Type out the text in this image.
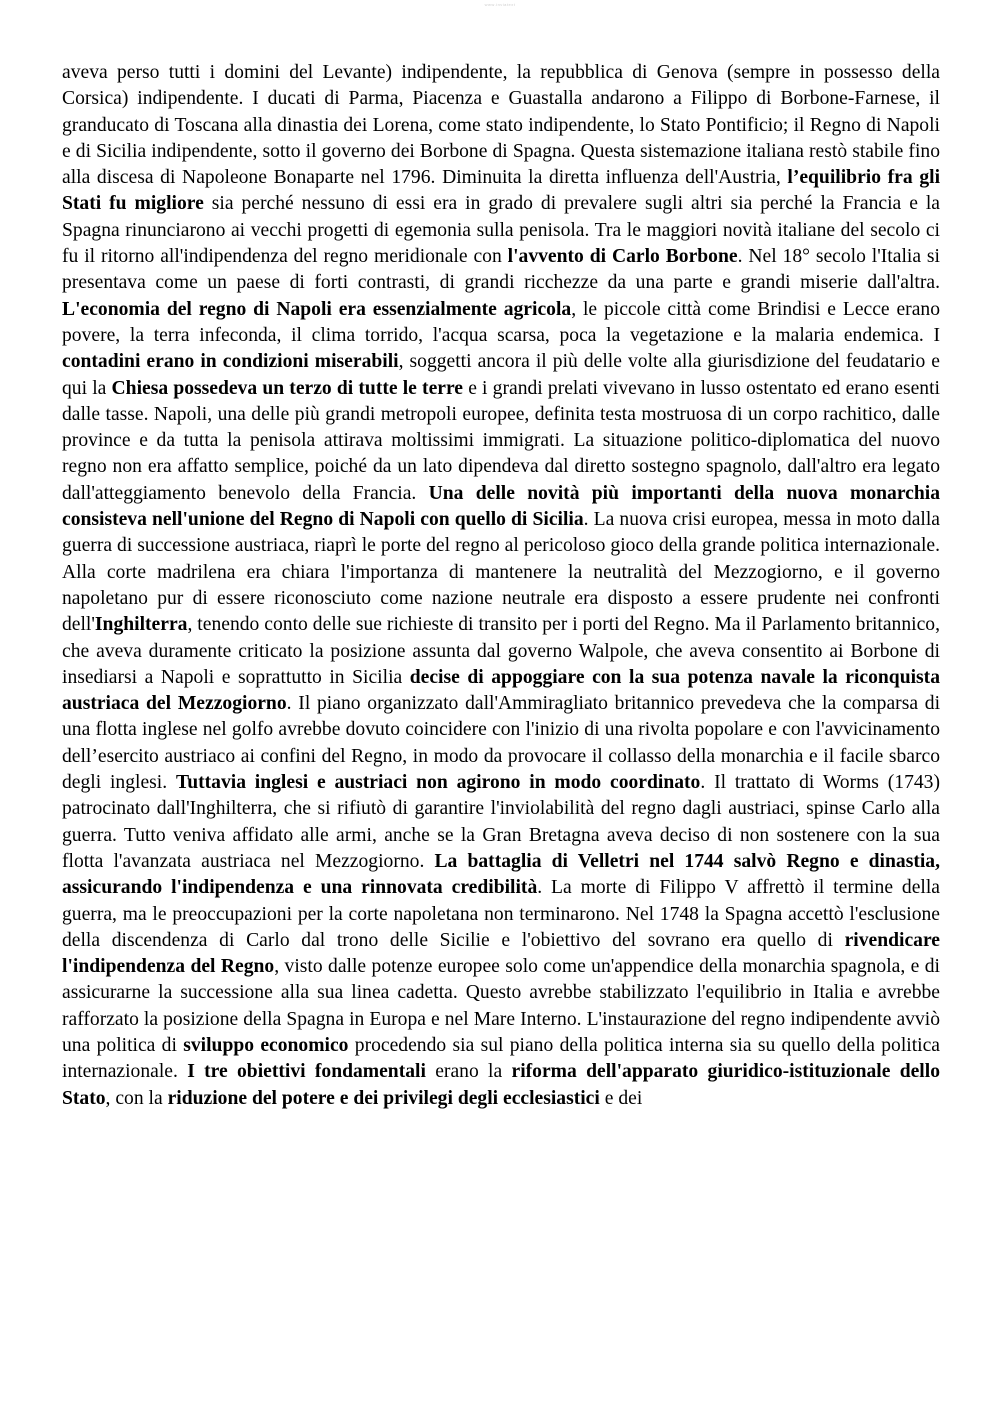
www.inviatext

aveva perso tutti i domini del Levante) indipendente, la repubblica di Genova (sempre in possesso della Corsica) indipendente. I ducati di Parma, Piacenza e Guastalla andarono a Filippo di Borbone-Farnese, il granducato di Toscana alla dinastia dei Lorena, come stato indipendente, lo Stato Pontificio; il Regno di Napoli e di Sicilia indipendente, sotto il governo dei Borbone di Spagna. Questa sistemazione italiana restò stabile fino alla discesa di Napoleone Bonaparte nel 1796. Diminuita la diretta influenza dell'Austria, l’equilibrio fra gli Stati fu migliore sia perché nessuno di essi era in grado di prevalere sugli altri sia perché la Francia e la Spagna rinunciarono ai vecchi progetti di egemonia sulla penisola. Tra le maggiori novità italiane del secolo ci fu il ritorno all'indipendenza del regno meridionale con l'avvento di Carlo Borbone. Nel 18° secolo l'Italia si presentava come un paese di forti contrasti, di grandi ricchezze da una parte e grandi miserie dall'altra. L'economia del regno di Napoli era essenzialmente agricola, le piccole città come Brindisi e Lecce erano povere, la terra infeconda, il clima torrido, l'acqua scarsa, poca la vegetazione e la malaria endemica. I contadini erano in condizioni miserabili, soggetti ancora il più delle volte alla giurisdizione del feudatario e qui la Chiesa possedeva un terzo di tutte le terre e i grandi prelati vivevano in lusso ostentato ed erano esenti dalle tasse. Napoli, una delle più grandi metropoli europee, definita testa mostruosa di un corpo rachitico, dalle province e da tutta la penisola attirava moltissimi immigrati. La situazione politico-diplomatica del nuovo regno non era affatto semplice, poiché da un lato dipendeva dal diretto sostegno spagnolo, dall'altro era legato dall'atteggiamento benevolo della Francia. Una delle novità più importanti della nuova monarchia consisteva nell'unione del Regno di Napoli con quello di Sicilia. La nuova crisi europea, messa in moto dalla guerra di successione austriaca, riaprì le porte del regno al pericoloso gioco della grande politica internazionale. Alla corte madrilena era chiara l'importanza di mantenere la neutralità del Mezzogiorno, e il governo napoletano pur di essere riconosciuto come nazione neutrale era disposto a essere prudente nei confronti dell'Inghilterra, tenendo conto delle sue richieste di transito per i porti del Regno. Ma il Parlamento britannico, che aveva duramente criticato la posizione assunta dal governo Walpole, che aveva consentito ai Borbone di insediarsi a Napoli e soprattutto in Sicilia decise di appoggiare con la sua potenza navale la riconquista austriaca del Mezzogiorno. Il piano organizzato dall'Ammiragliato britannico prevedeva che la comparsa di una flotta inglese nel golfo avrebbe dovuto coincidere con l'inizio di una rivolta popolare e con l'avvicinamento dell’esercito austriaco ai confini del Regno, in modo da provocare il collasso della monarchia e il facile sbarco degli inglesi. Tuttavia inglesi e austriaci non agirono in modo coordinato. Il trattato di Worms (1743) patrocinato dall'Inghilterra, che si rifiutò di garantire l'inviolabilità del regno dagli austriaci, spinse Carlo alla guerra. Tutto veniva affidato alle armi, anche se la Gran Bretagna aveva deciso di non sostenere con la sua flotta l'avanzata austriaca nel Mezzogiorno. La battaglia di Velletri nel 1744 salvò Regno e dinastia, assicurando l'indipendenza e una rinnovata credibilità. La morte di Filippo V affrettò il termine della guerra, ma le preoccupazioni per la corte napoletana non terminarono. Nel 1748 la Spagna accettò l'esclusione della discendenza di Carlo dal trono delle Sicilie e l'obiettivo del sovrano era quello di rivendicare l'indipendenza del Regno, visto dalle potenze europee solo come un'appendice della monarchia spagnola, e di assicurarne la successione alla sua linea cadetta. Questo avrebbe stabilizzato l'equilibrio in Italia e avrebbe rafforzato la posizione della Spagna in Europa e nel Mare Interno. L'instaurazione del regno indipendente avviò una politica di sviluppo economico procedendo sia sul piano della politica interna sia su quello della politica internazionale. I tre obiettivi fondamentali erano la riforma dell'apparato giuridico-istituzionale dello Stato, con la riduzione del potere e dei privilegi degli ecclesiastici e dei
